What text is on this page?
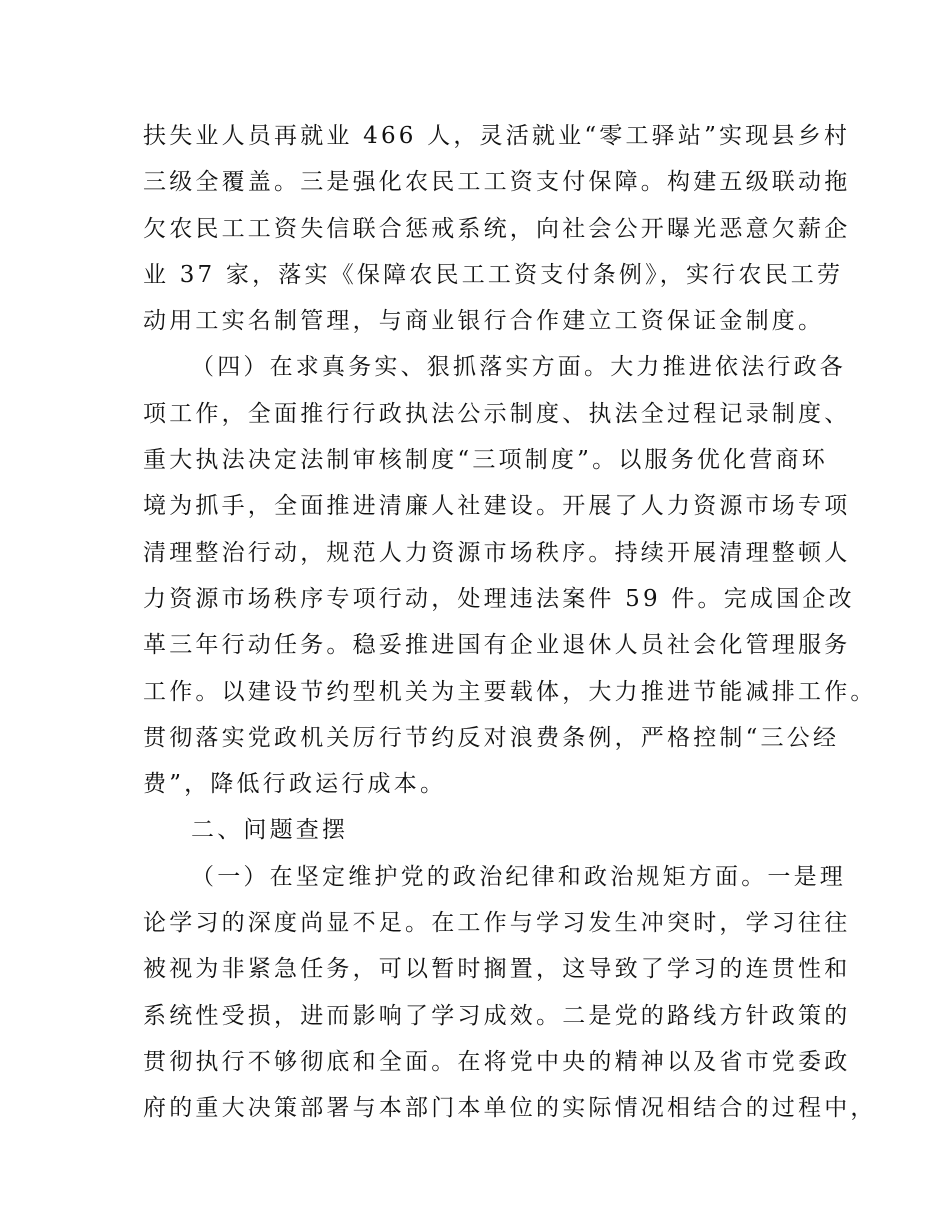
扶失业人员再就业 466 人，灵活就业“零工驿站”实现县乡村
三级全覆盖。三是强化农民工工资支付保障。构建五级联动拖
欠农民工工资失信联合惩戒系统，向社会公开曝光恶意欠薪企
业 37 家，落实《保障农民工工资支付条例》，实行农民工劳
动用工实名制管理，与商业银行合作建立工资保证金制度。
（四）在求真务实、狠抓落实方面。大力推进依法行政各
项工作，全面推行行政执法公示制度、执法全过程记录制度、
重大执法决定法制审核制度“三项制度”。以服务优化营商环
境为抓手，全面推进清廉人社建设。开展了人力资源市场专项
清理整治行动，规范人力资源市场秩序。持续开展清理整顿人
力资源市场秩序专项行动，处理违法案件 59 件。完成国企改
革三年行动任务。稳妥推进国有企业退休人员社会化管理服务
工作。以建设节约型机关为主要载体，大力推进节能减排工作。
贯彻落实党政机关厉行节约反对浪费条例，严格控制“三公经
费”，降低行政运行成本。
二、问题查摆
（一）在坚定维护党的政治纪律和政治规矩方面。一是理
论学习的深度尚显不足。在工作与学习发生冲突时，学习往往
被视为非紧急任务，可以暂时搁置，这导致了学习的连贯性和
系统性受损，进而影响了学习成效。二是党的路线方针政策的
贯彻执行不够彻底和全面。在将党中央的精神以及省市党委政
府的重大决策部署与本部门本单位的实际情况相结合的过程中，
